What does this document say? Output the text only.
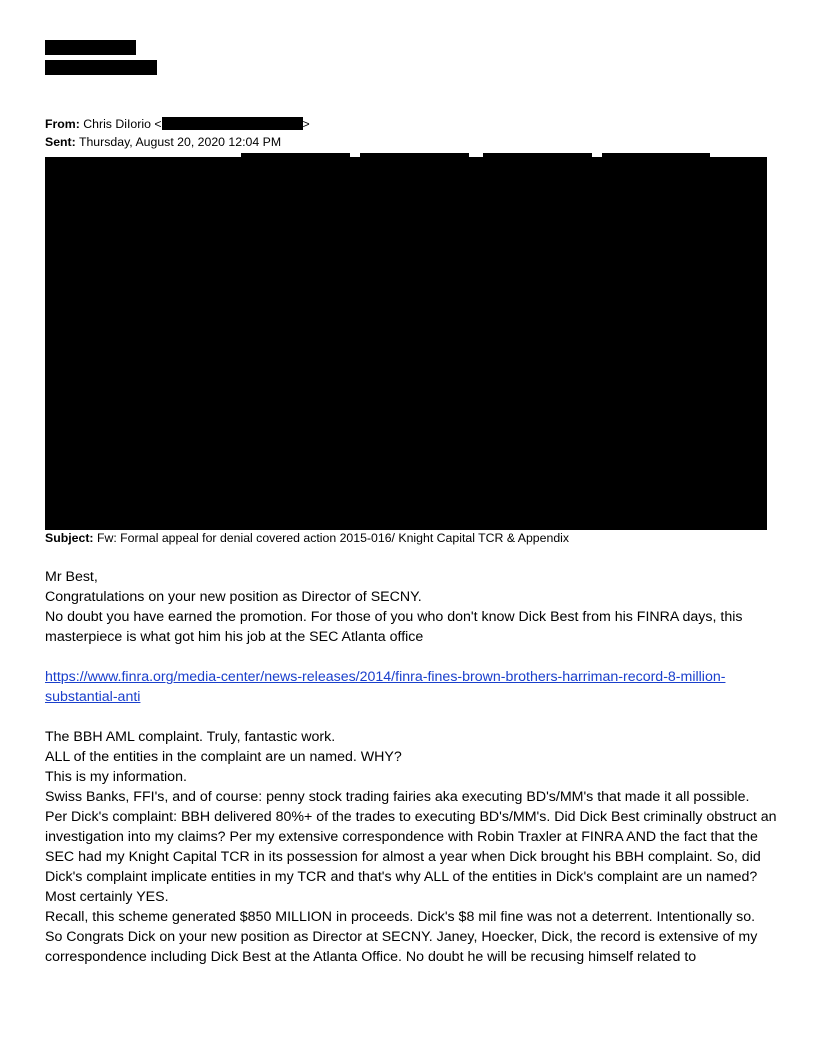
From: Chris DiIorio <	>
Sent: Thursday, August 20, 2020 12:04 PM
Subject: Fw: Formal appeal for denial covered action 2015-016/ Knight Capital TCR & Appendix

Mr Best,

Congratulations on your new position as Director of SECNY.

No doubt you have earned the promotion. For those of you who don't know Dick Best from his FINRA days, this masterpiece is what got him his job at the SEC Atlanta office

https://www.finra.org/media-center/news-releases/2014/finra-fines-brown-brothers-harriman-record-8-million-substantial-anti

The BBH AML complaint. Truly, fantastic work.

ALL of the entities in the complaint are un named. WHY?

This is my information.

Swiss Banks, FFI's, and of course: penny stock trading fairies aka executing BD's/MM's that made it all possible.

Per Dick's complaint: BBH delivered 80%+ of the trades to executing BD's/MM's. Did Dick Best criminally obstruct an investigation into my claims? Per my extensive correspondence with Robin Traxler at FINRA AND the fact that the SEC had my Knight Capital TCR in its possession for almost a year when Dick brought his BBH complaint. So, did Dick's complaint implicate entities in my TCR and that's why ALL of the entities in Dick's complaint are un named? Most certainly YES.

Recall, this scheme generated $850 MILLION in proceeds. Dick's $8 mil fine was not a deterrent. Intentionally so.

So Congrats Dick on your new position as Director at SECNY. Janey, Hoecker, Dick, the record is extensive of my correspondence including Dick Best at the Atlanta Office. No doubt he will be recusing himself related to
